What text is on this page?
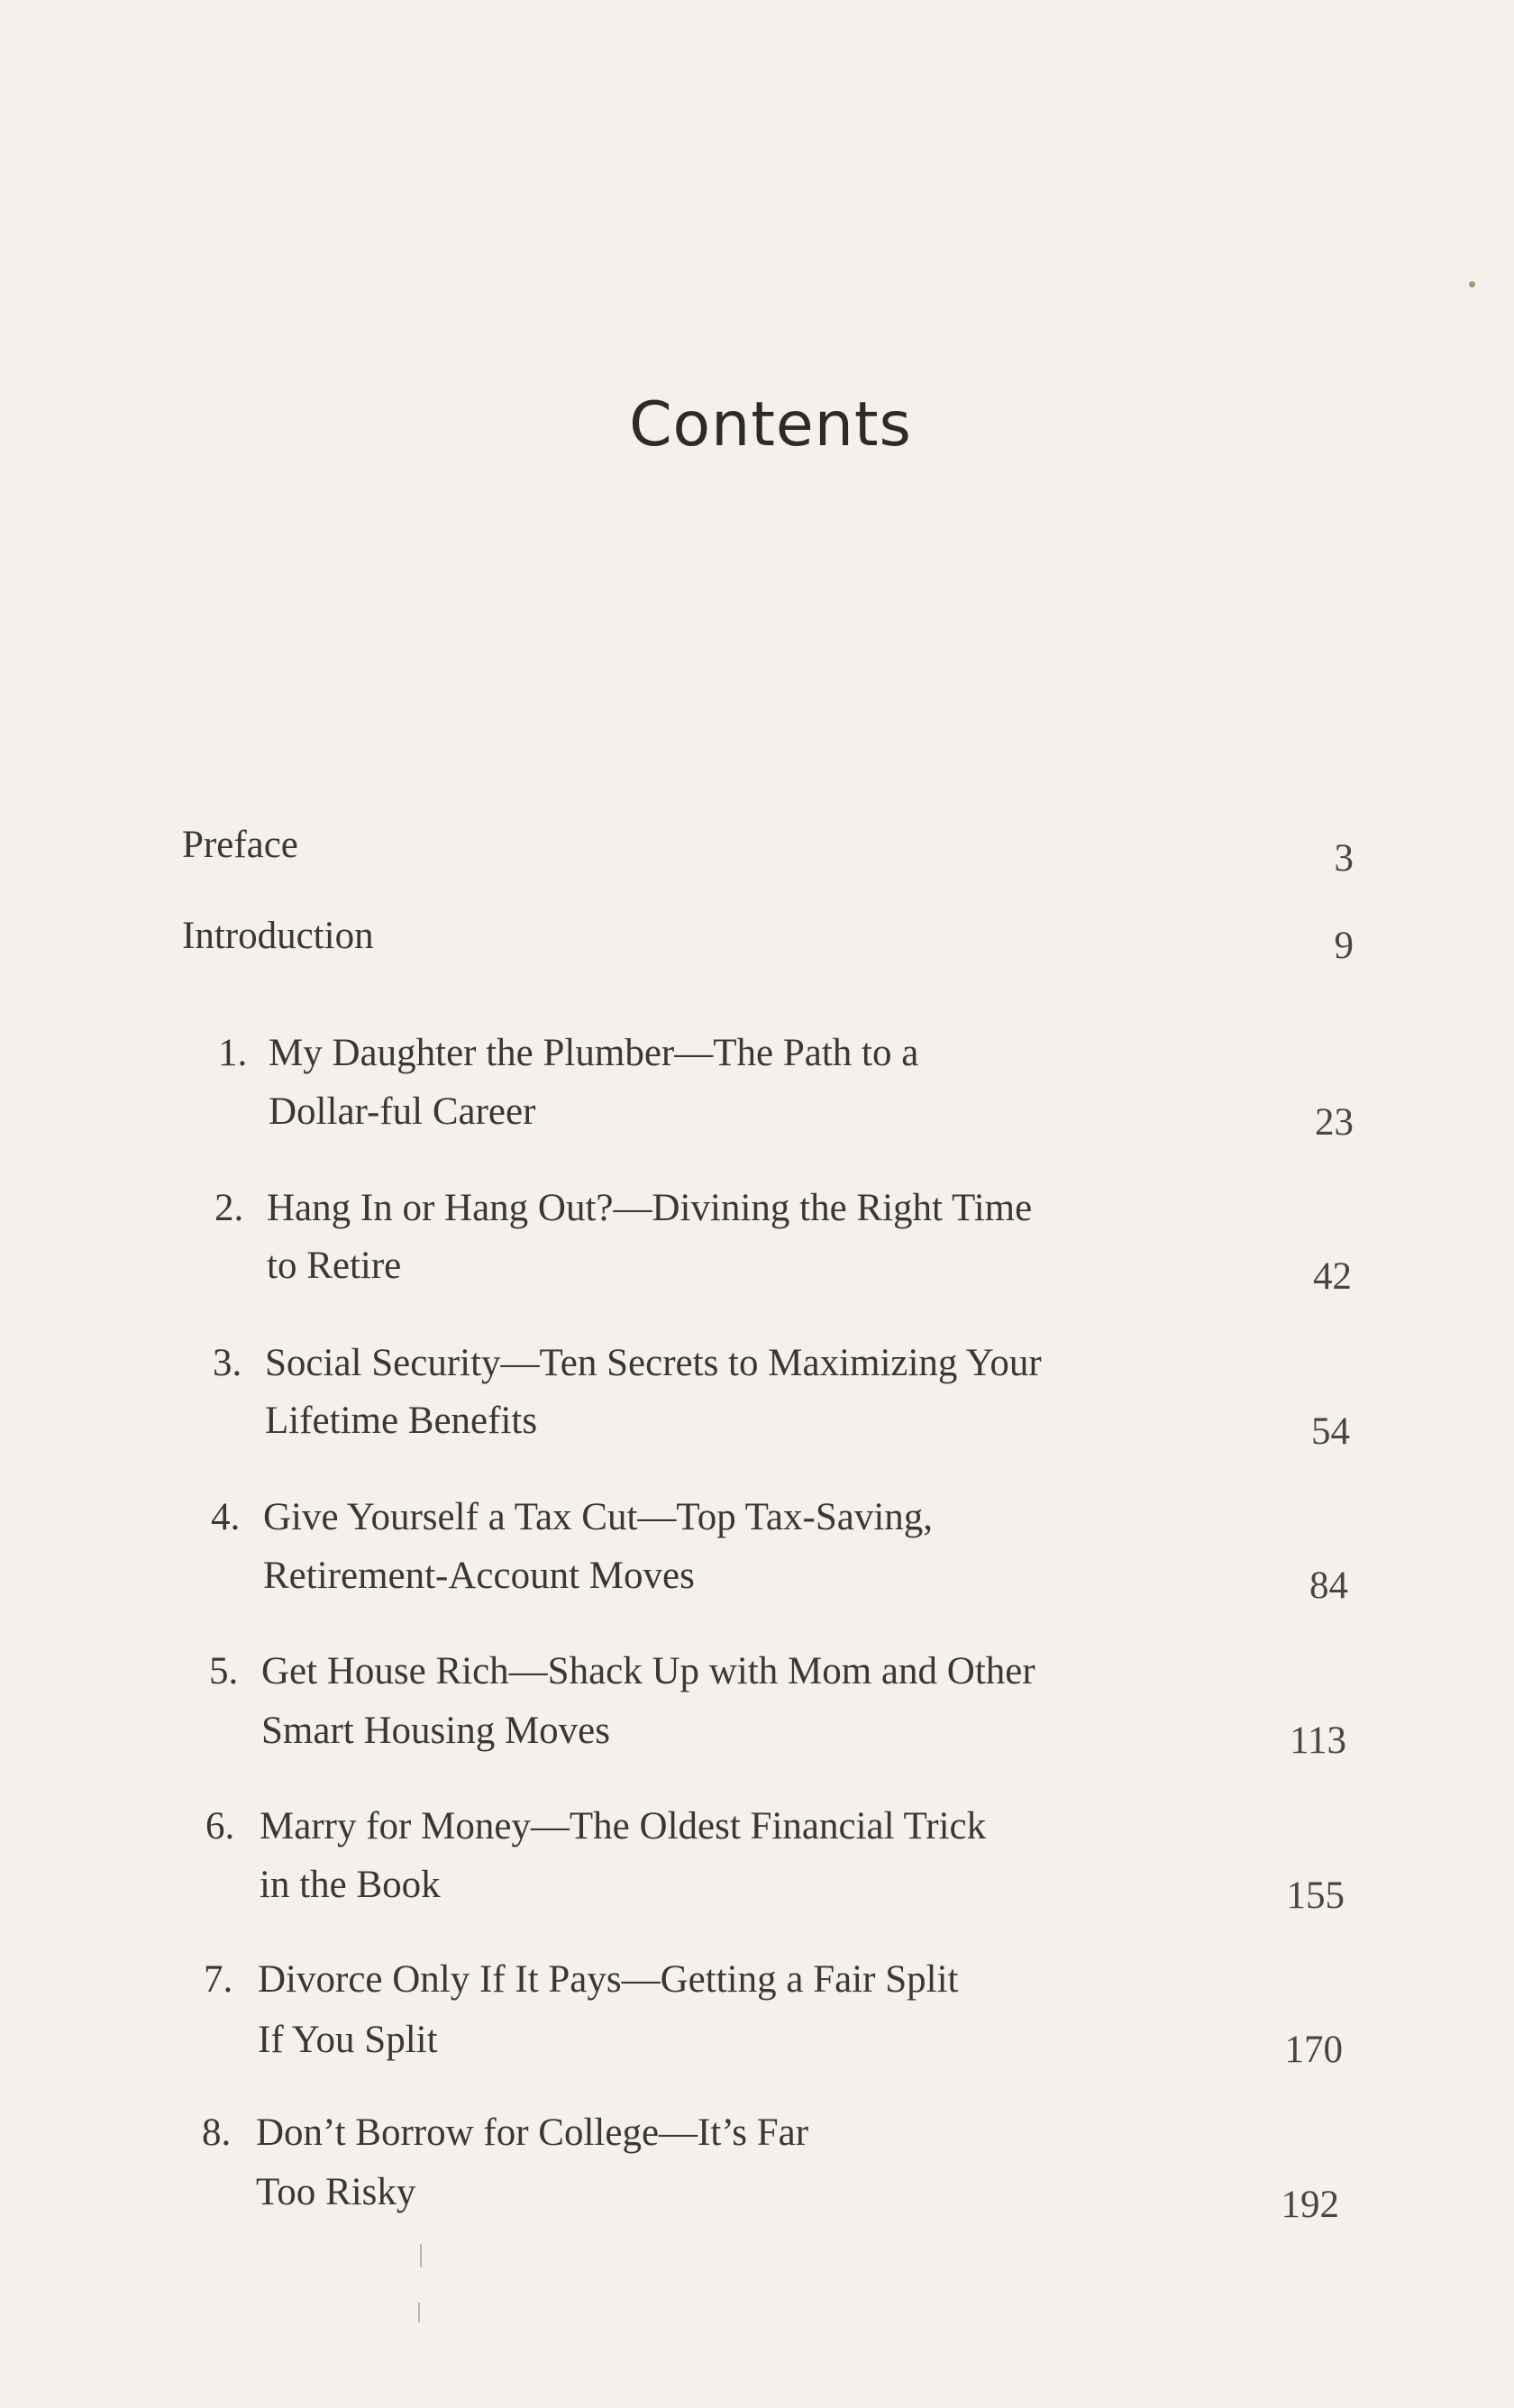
Contents
Preface	3
Introduction	9
1. My Daughter the Plumber—The Path to a
Dollar-ful Career	23
2. Hang In or Hang Out?—Divining the Right Time
to Retire	42
3. Social Security—Ten Secrets to Maximizing Your
Lifetime Benefits	54
4. Give Yourself a Tax Cut—Top Tax-Saving,
Retirement-Account Moves	84
5. Get House Rich—Shack Up with Mom and Other
Smart Housing Moves	113
6. Marry for Money—The Oldest Financial Trick
in the Book	155
7. Divorce Only If It Pays—Getting a Fair Split
If You Split	170
8. Don’t Borrow for College—It’s Far
Too Risky	192
